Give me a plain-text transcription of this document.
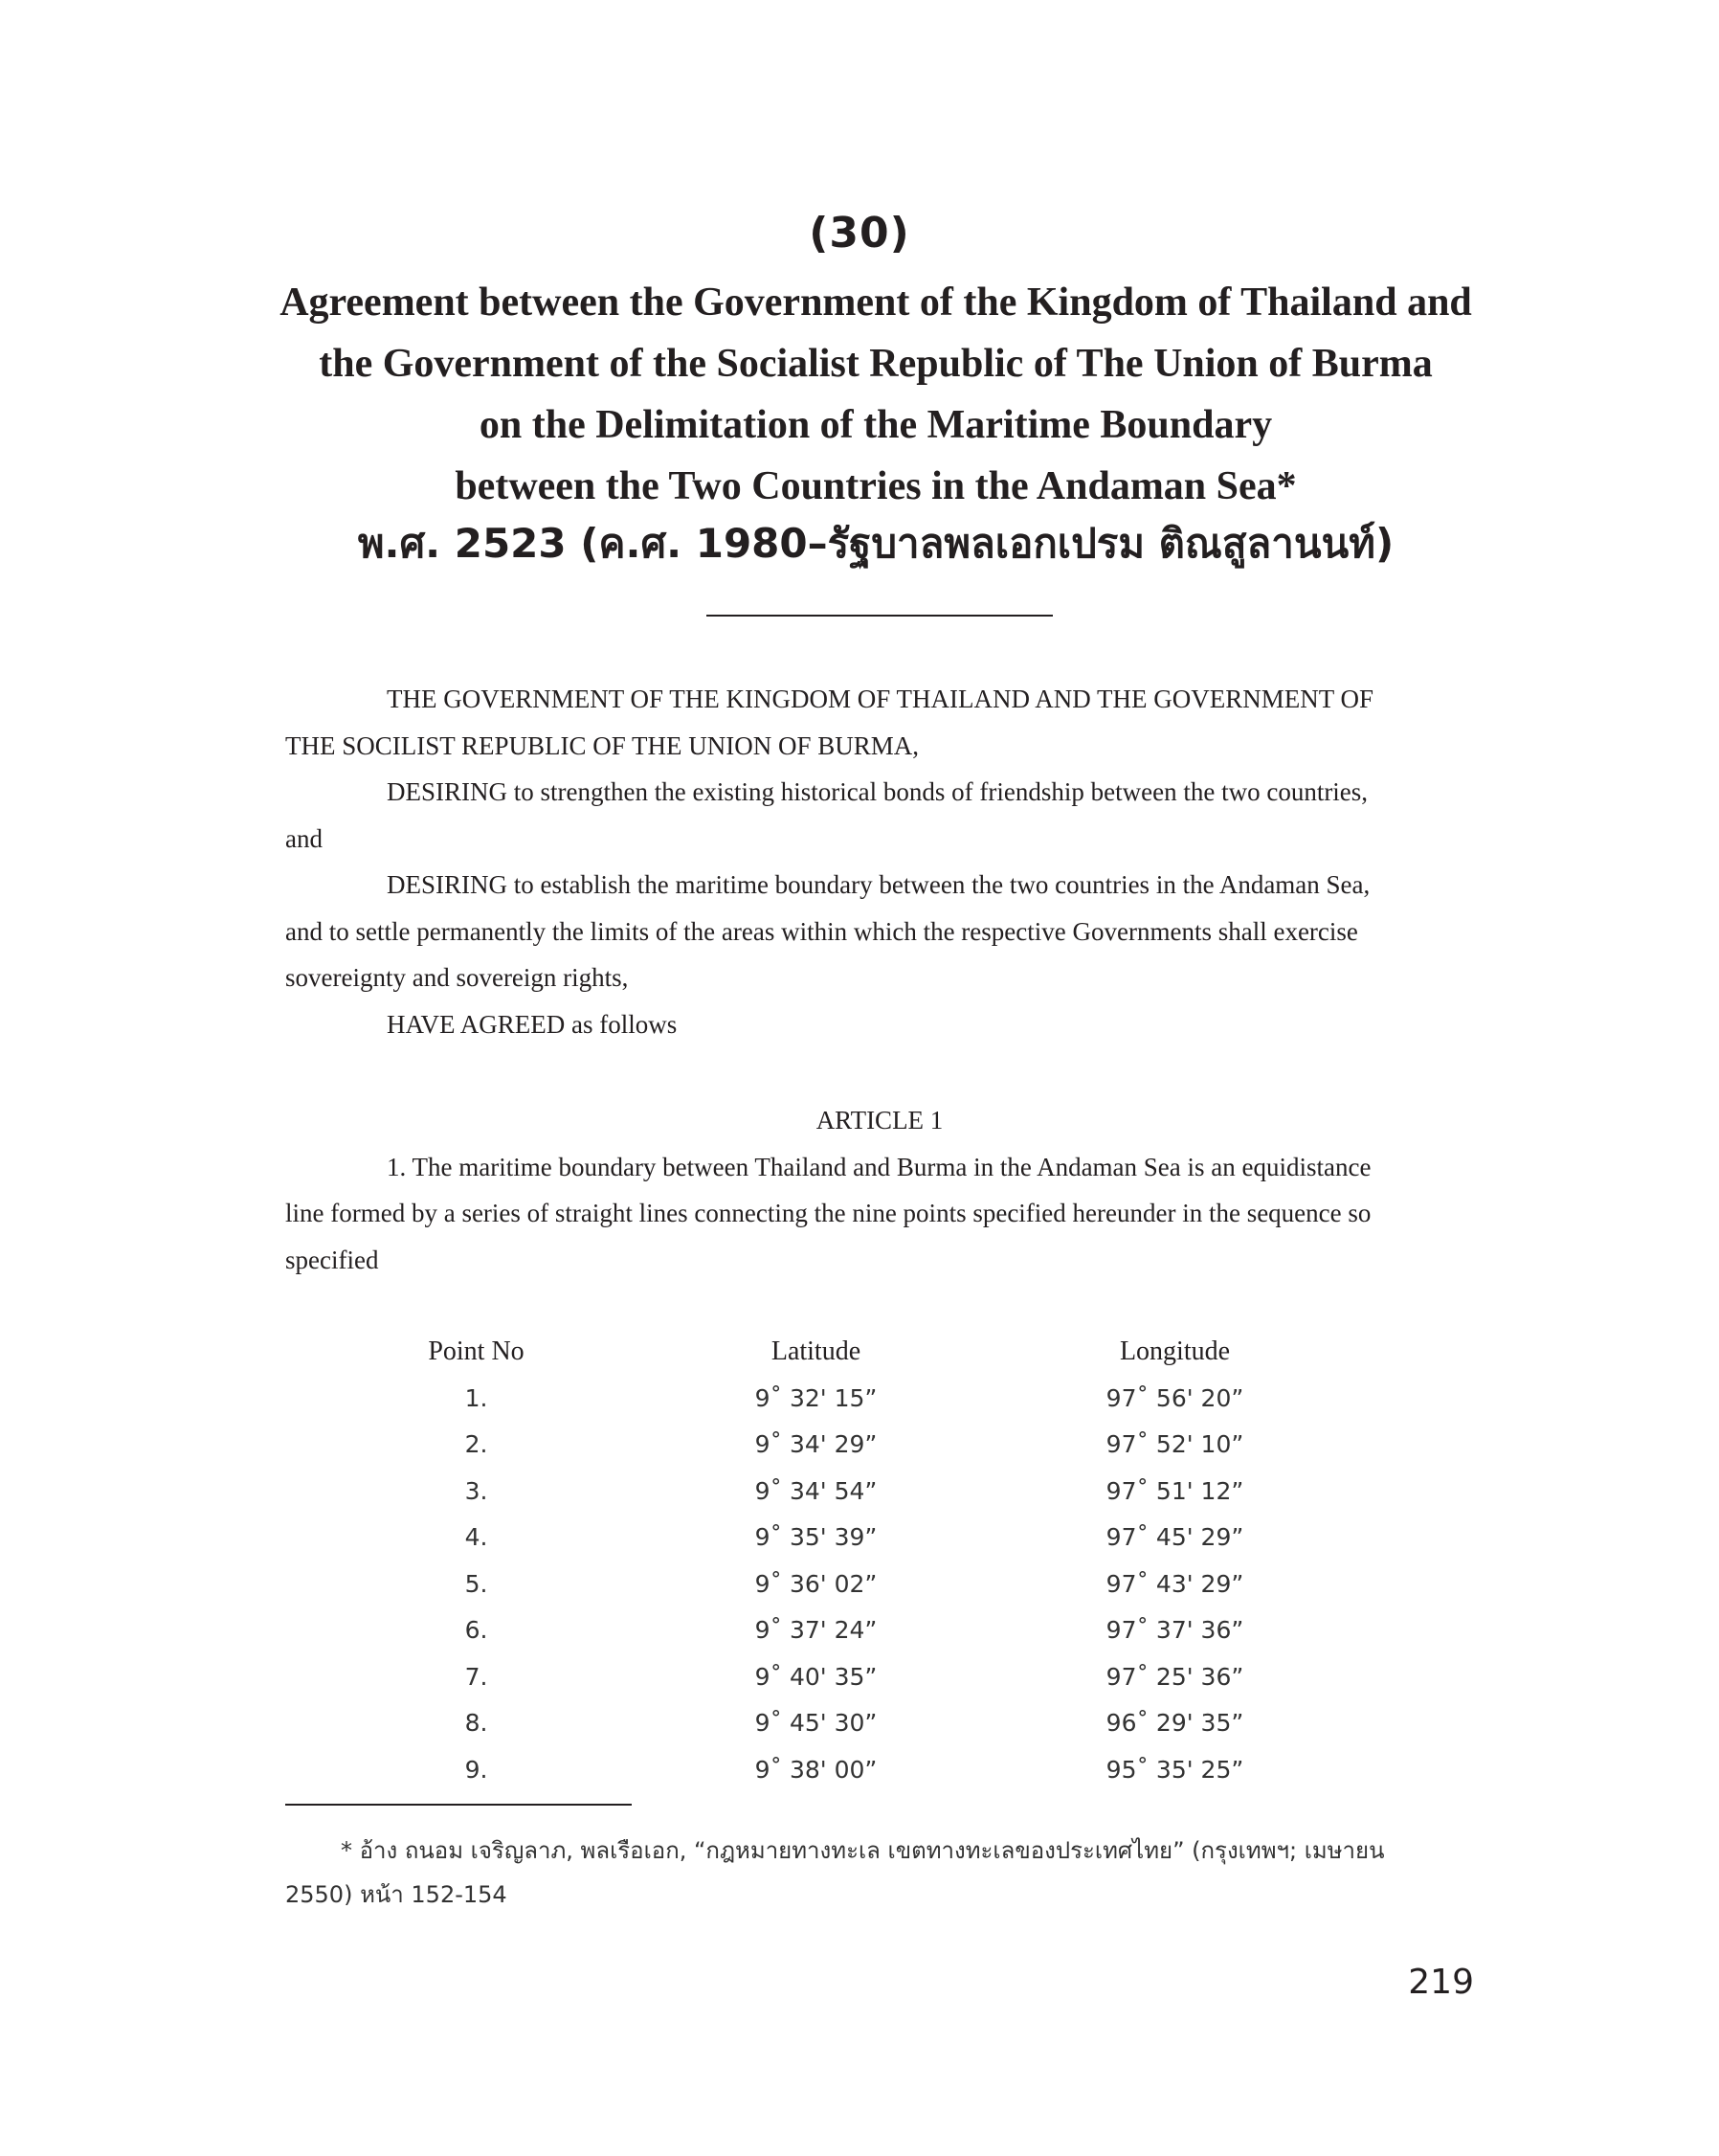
(30)
Agreement between the Government of the Kingdom of Thailand and
the Government of the Socialist Republic of The Union of Burma
on the Delimitation of the Maritime Boundary
between the Two Countries in the Andaman Sea*
พ.ศ. 2523 (ค.ศ. 1980–รัฐบาลพลเอกเปรม ติณสูลานนท์)

THE GOVERNMENT OF THE KINGDOM OF THAILAND AND THE GOVERNMENT OF

THE SOCILIST REPUBLIC OF THE UNION OF BURMA,

DESIRING to strengthen the existing historical bonds of friendship between the two countries,

and

DESIRING to establish the maritime boundary between the two countries in the Andaman Sea,

and to settle permanently the limits of the areas within which the respective Governments shall exercise

sovereignty and sovereign rights,

HAVE AGREED as follows

ARTICLE 1

1. The maritime boundary between Thailand and Burma in the Andaman Sea is an equidistance

line formed by a series of straight lines connecting the nine points specified hereunder in the sequence so

specified

Point No	Latitude	Longitude
1.	9˚ 32' 15”	97˚ 56' 20”
2.	9˚ 34' 29”	97˚ 52' 10”
3.	9˚ 34' 54”	97˚ 51' 12”
4.	9˚ 35' 39”	97˚ 45' 29”
5.	9˚ 36' 02”	97˚ 43' 29”
6.	9˚ 37' 24”	97˚ 37' 36”
7.	9˚ 40' 35”	97˚ 25' 36”
8.	9˚ 45' 30”	96˚ 29' 35”
9.	9˚ 38' 00”	95˚ 35' 25”
* อ้าง ถนอม เจริญลาภ, พลเรือเอก, “กฎหมายทางทะเล เขตทางทะเลของประเทศไทย” (กรุงเทพฯ; เมษายน
2550) หน้า 152-154
219
